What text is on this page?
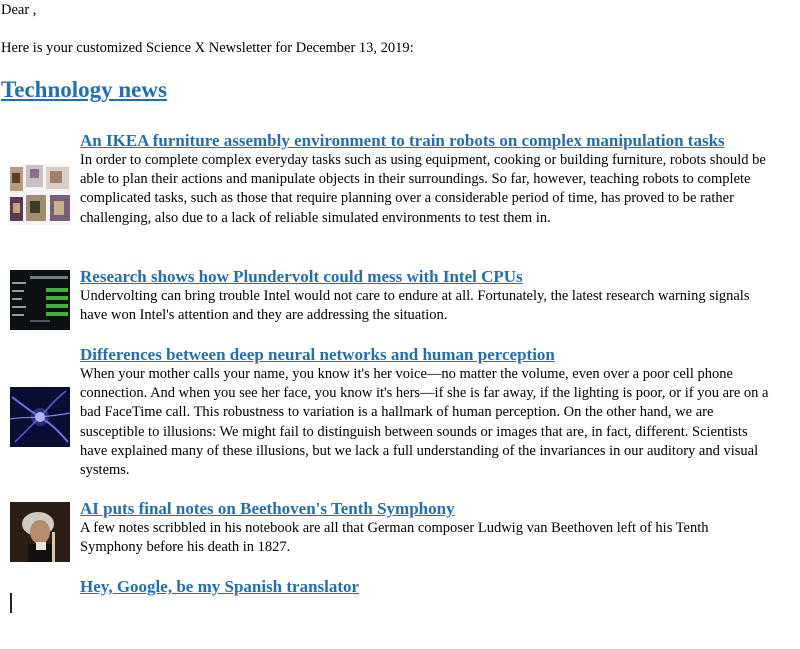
Dear ,
Here is your customized Science X Newsletter for December 13, 2019:
Technology news
An IKEA furniture assembly environment to train robots on complex manipulation tasks

In order to complete complex everyday tasks such as using equipment, cooking or building furniture, robots should be able to plan their actions and manipulate objects in their surroundings. So far, however, teaching robots to complete complicated tasks, such as those that require planning over a considerable period of time, has proved to be rather challenging, also due to a lack of reliable simulated environments to test them in.

Research shows how Plundervolt could mess with Intel CPUs

Undervolting can bring trouble Intel would not care to endure at all. Fortunately, the latest research warning signals have won Intel's attention and they are addressing the situation.

Differences between deep neural networks and human perception

When your mother calls your name, you know it's her voice—no matter the volume, even over a poor cell phone connection. And when you see her face, you know it's hers—if she is far away, if the lighting is poor, or if you are on a bad FaceTime call. This robustness to variation is a hallmark of human perception. On the other hand, we are susceptible to illusions: We might fail to distinguish between sounds or images that are, in fact, different. Scientists have explained many of these illusions, but we lack a full understanding of the invariances in our auditory and visual systems.

AI puts final notes on Beethoven's Tenth Symphony

A few notes scribbled in his notebook are all that German composer Ludwig van Beethoven left of his Tenth Symphony before his death in 1827.

Hey, Google, be my Spanish translator
